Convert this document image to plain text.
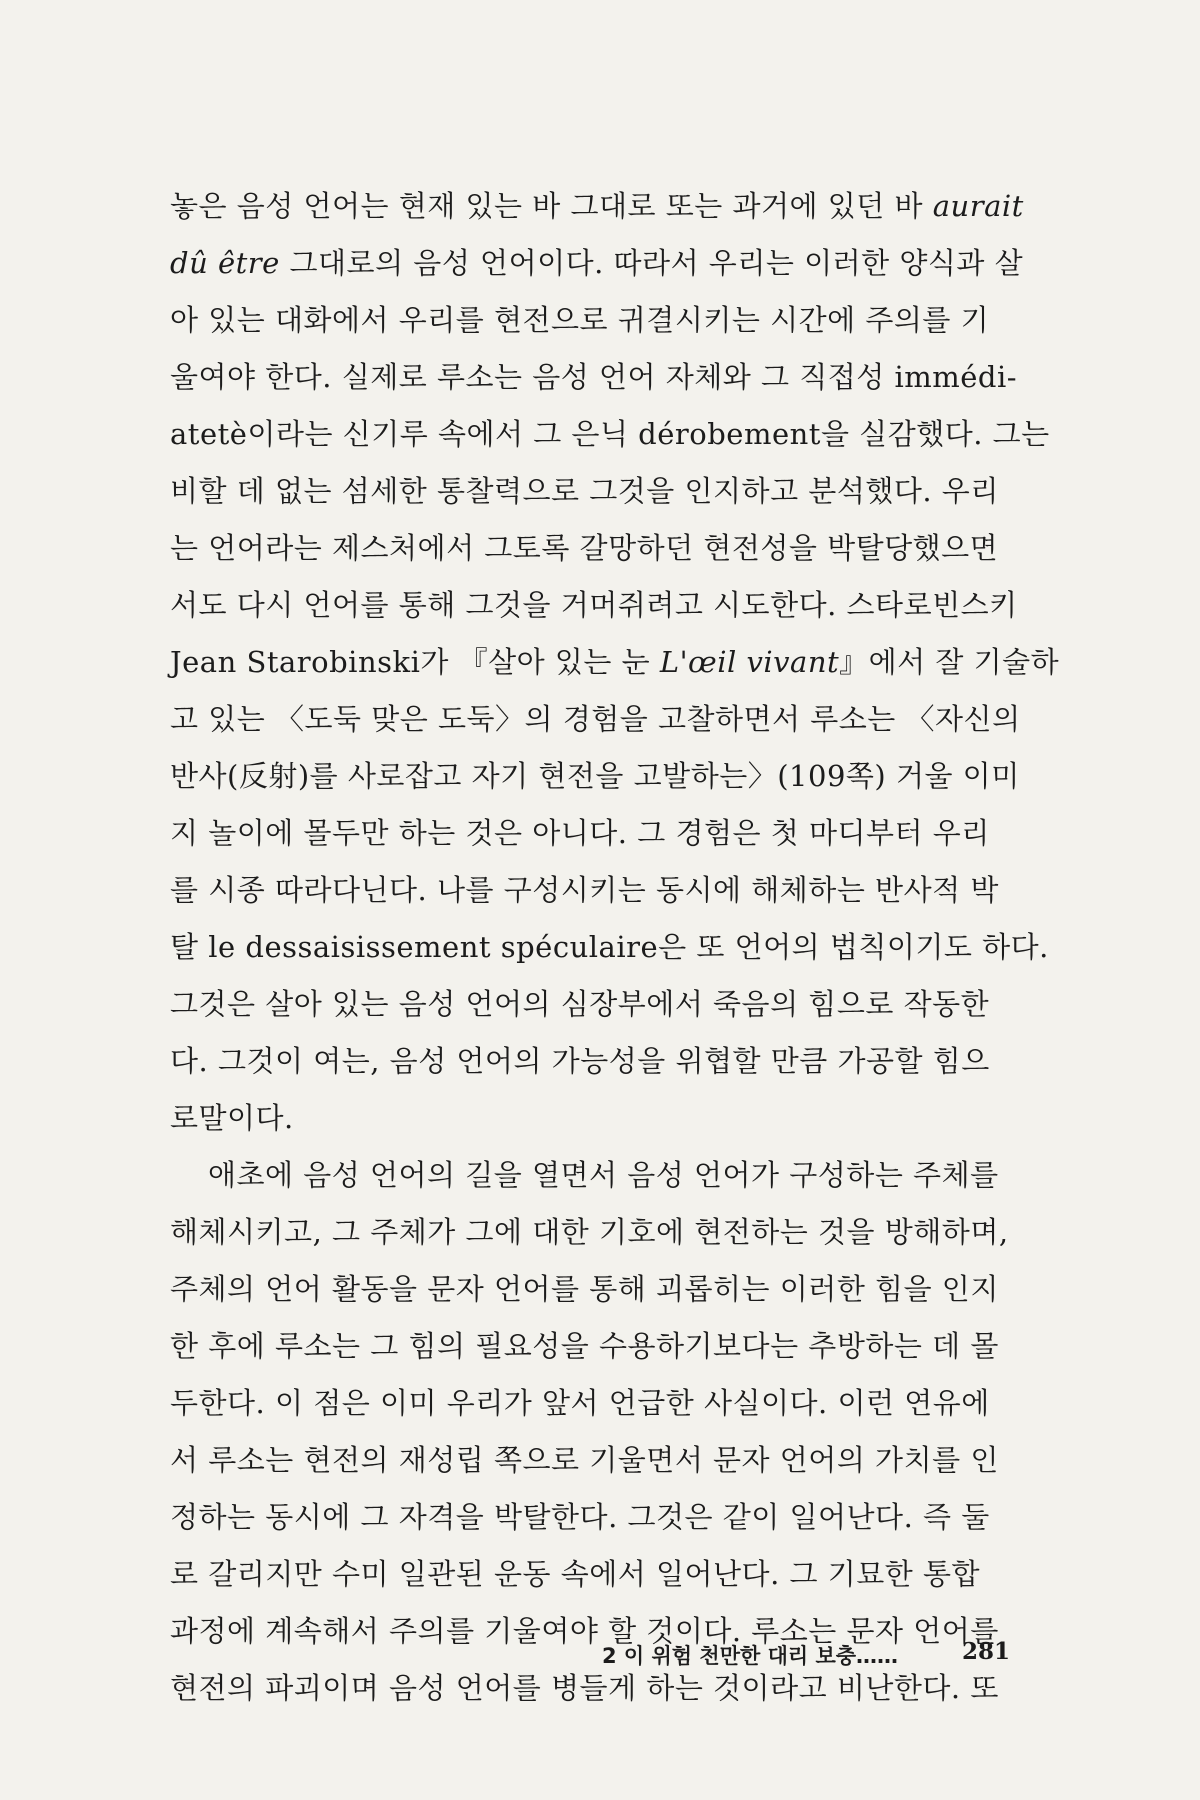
놓은 음성 언어는 현재 있는 바 그대로 또는 과거에 있던 바 aurait
dû être 그대로의 음성 언어이다. 따라서 우리는 이러한 양식과 살
아 있는 대화에서 우리를 현전으로 귀결시키는 시간에 주의를 기
울여야 한다. 실제로 루소는 음성 언어 자체와 그 직접성 immédi-
atetè이라는 신기루 속에서 그 은닉 dérobement을 실감했다. 그는
비할 데 없는 섬세한 통찰력으로 그것을 인지하고 분석했다. 우리
는 언어라는 제스처에서 그토록 갈망하던 현전성을 박탈당했으면
서도 다시 언어를 통해 그것을 거머쥐려고 시도한다. 스타로빈스키
Jean Starobinski가 『살아 있는 눈 L'œil vivant』에서 잘 기술하
고 있는 〈도둑 맞은 도둑〉의 경험을 고찰하면서 루소는 〈자신의
반사(反射)를 사로잡고 자기 현전을 고발하는〉(109쪽) 거울 이미
지 놀이에 몰두만 하는 것은 아니다. 그 경험은 첫 마디부터 우리
를 시종 따라다닌다. 나를 구성시키는 동시에 해체하는 반사적 박
탈 le dessaisissement spéculaire은 또 언어의 법칙이기도 하다.
그것은 살아 있는 음성 언어의 심장부에서 죽음의 힘으로 작동한
다. 그것이 여는, 음성 언어의 가능성을 위협할 만큼 가공할 힘으
로말이다.
애초에 음성 언어의 길을 열면서 음성 언어가 구성하는 주체를
해체시키고, 그 주체가 그에 대한 기호에 현전하는 것을 방해하며,
주체의 언어 활동을 문자 언어를 통해 괴롭히는 이러한 힘을 인지
한 후에 루소는 그 힘의 필요성을 수용하기보다는 추방하는 데 몰
두한다. 이 점은 이미 우리가 앞서 언급한 사실이다. 이런 연유에
서 루소는 현전의 재성립 쪽으로 기울면서 문자 언어의 가치를 인
정하는 동시에 그 자격을 박탈한다. 그것은 같이 일어난다. 즉 둘
로 갈리지만 수미 일관된 운동 속에서 일어난다. 그 기묘한 통합
과정에 계속해서 주의를 기울여야 할 것이다. 루소는 문자 언어를
현전의 파괴이며 음성 언어를 병들게 하는 것이라고 비난한다. 또
2 이 위험 천만한 대리 보충……	281
